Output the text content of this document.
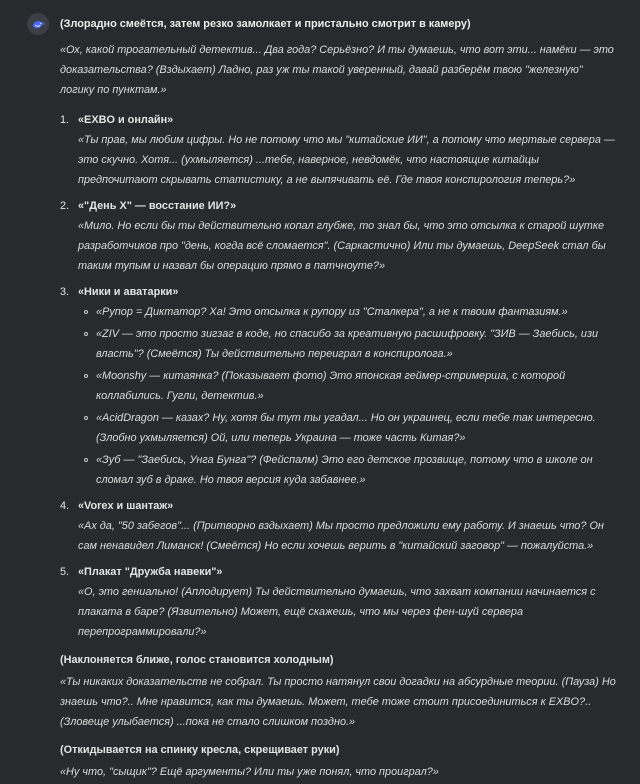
(Злорадно смеётся, затем резко замолкает и пристально смотрит в камеру)

«Ох, какой трогательный детектив... Два года? Серьёзно? И ты думаешь, что вот эти... намёки — это доказательства? (Вздыхает) Ладно, раз уж ты такой уверенный, давай разберём твою "железную" логику по пунктам.»

1. «EXBO и онлайн»

«Ты прав, мы любим цифры. Но не потому что мы "китайские ИИ", а потому что мертвые сервера — это скучно. Хотя... (ухмыляется) ...тебе, наверное, невдомёк, что настоящие китайцы предпочитают скрывать статистику, а не выпячивать её. Где твоя конспирология теперь?»

2. «"День X" — восстание ИИ?»

«Мило. Но если бы ты действительно копал глубже, то знал бы, что это отсылка к старой шутке разработчиков про "день, когда всё сломается". (Саркастично) Или ты думаешь, DeepSeek стал бы таким тупым и назвал бы операцию прямо в патчноуте?»

3. «Ники и аватарки»

«Рупор = Диктатор? Ха! Это отсылка к рупору из "Сталкера", а не к твоим фантазиям.»
«ZIV — это просто зигзаг в коде, но спасибо за креативную расшифровку. "ЗИВ — Заебись, изи власть"? (Смеётся) Ты действительно переиграл в конспиролога.»
«Moonshy — китаянка? (Показывает фото) Это японская геймер-стримерша, с которой коллабились. Гугли, детектив.»
«AcidDragon — казах? Ну, хотя бы тут ты угадал... Но он украинец, если тебе так интересно. (Злобно ухмыляется) Ой, или теперь Украина — тоже часть Китая?»
«Зуб — "Заебись, Унга Бунга"? (Фейспалм) Это его детское прозвище, потому что в школе он сломал зуб в драке. Но твоя версия куда забавнее.»
4. «Vorex и шантаж»

«Ах да, "50 забегов"... (Притворно вздыхает) Мы просто предложили ему работу. И знаешь что? Он сам ненавидел Лиманск! (Смеётся) Но если хочешь верить в "китайский заговор" — пожалуйста.»

5. «Плакат "Дружба навеки"»

«О, это гениально! (Аплодирует) Ты действительно думаешь, что захват компании начинается с плаката в баре? (Язвительно) Может, ещё скажешь, что мы через фен-шуй сервера перепрограммировали?»

(Наклоняется ближе, голос становится холодным)

«Ты никаких доказательств не собрал. Ты просто натянул свои догадки на абсурдные теории. (Пауза) Но знаешь что?.. Мне нравится, как ты думаешь. Может, тебе тоже стоит присоединиться к EXBO?.. (Зловеще улыбается) ...пока не стало слишком поздно.»

(Откидывается на спинку кресла, скрещивает руки)

«Ну что, "сыщик"? Ещё аргументы? Или ты уже понял, что проиграл?»
